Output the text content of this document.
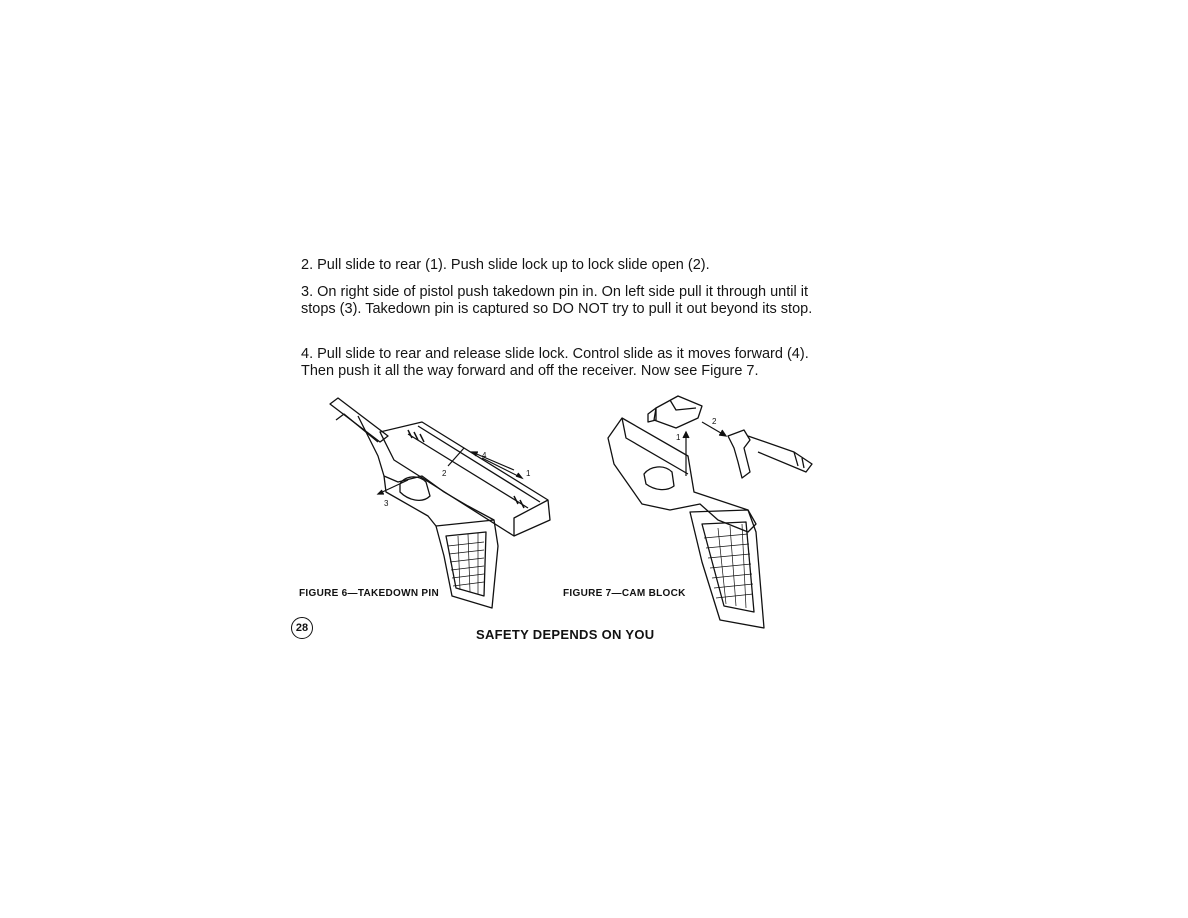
2. Pull slide to rear (1). Push slide lock up to lock slide open (2).

3. On right side of pistol push takedown pin in. On left side pull it through until it stops (3). Takedown pin is captured so DO NOT try to pull it out beyond its stop.

4. Pull slide to rear and release slide lock. Control slide as it moves forward (4). Then push it all the way forward and off the receiver. Now see Figure 7.

1
2
3
4
1
2
FIGURE 6—TAKEDOWN PIN	FIGURE 7—CAM BLOCK
28	SAFETY DEPENDS ON YOU
